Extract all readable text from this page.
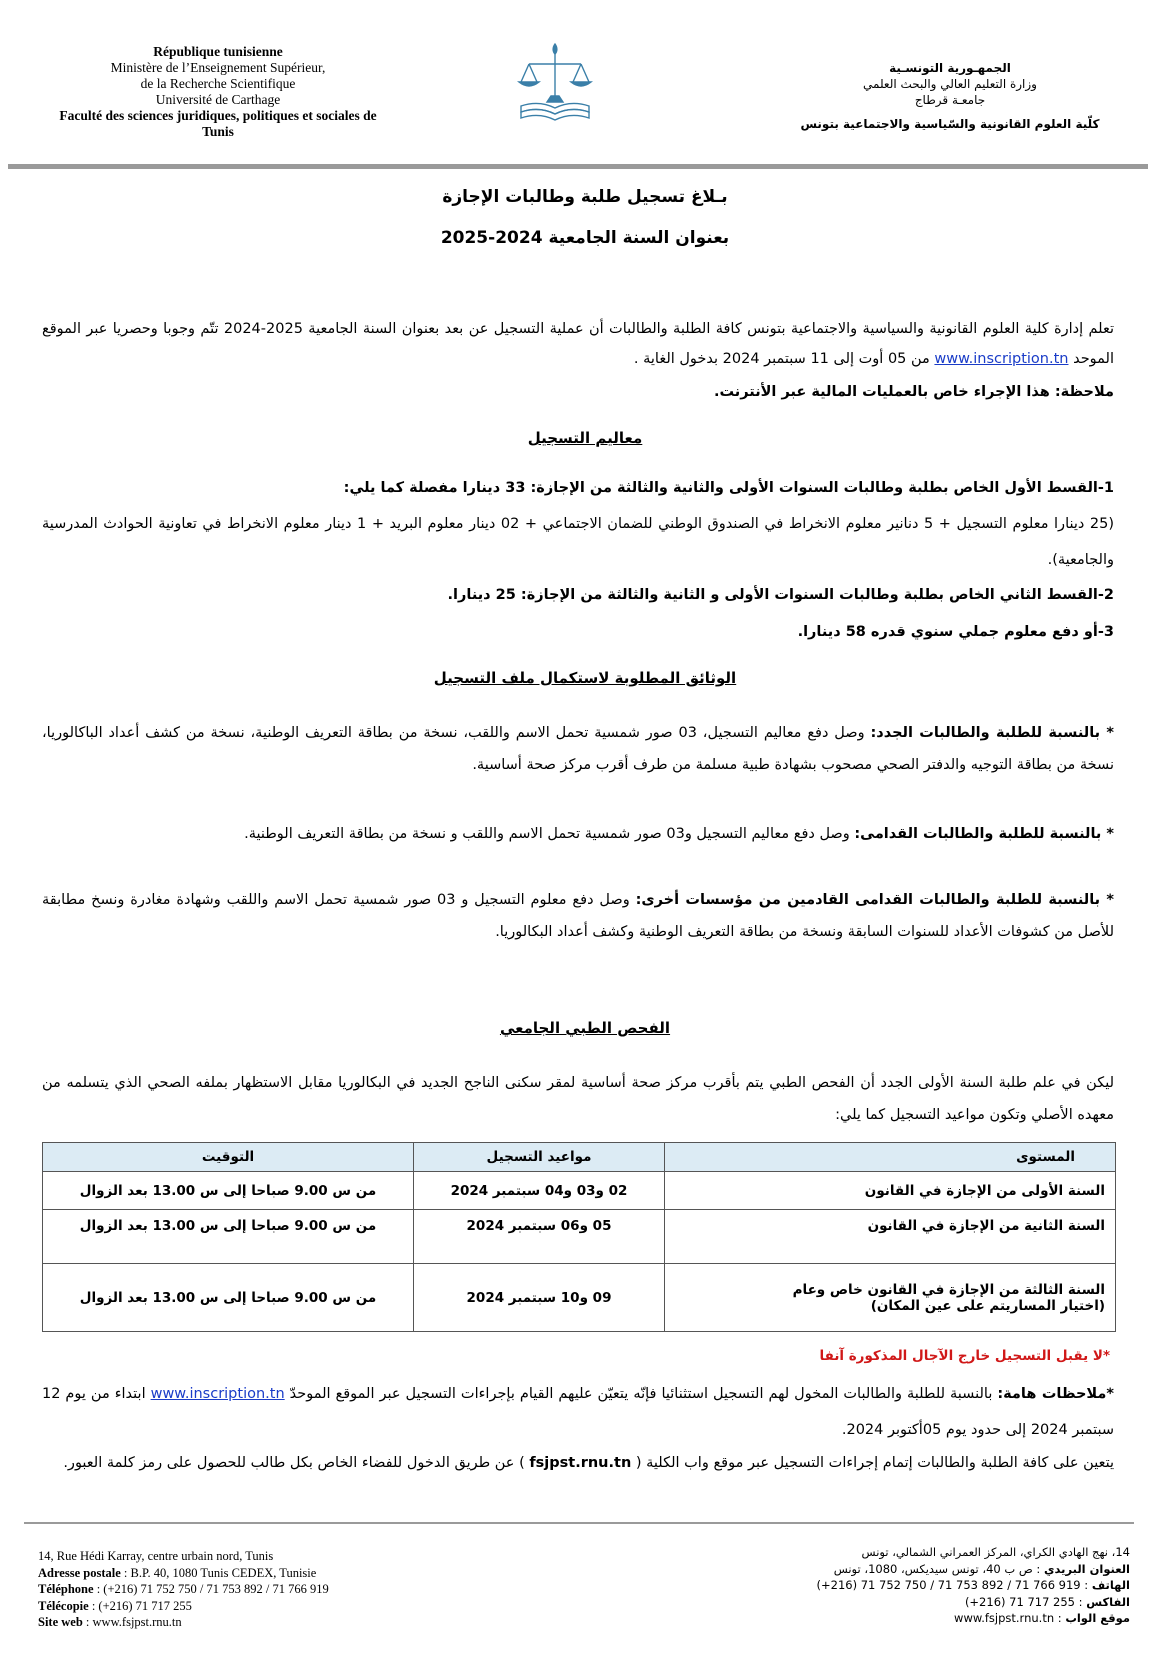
République tunisienne
Ministère de l’Enseignement Supérieur,
de la Recherche Scientifique
Université de Carthage
Faculté des sciences juridiques, politiques et sociales de
Tunis
الجمهـورية التونسـية
وزارة التعليم العالي والبحث العلمي
جامعـة قرطاج
كلّية العلوم القانونية والسّياسية والاجتماعية بتونس
بـلاغ تسجيل طلبة وطالبات الإجازة
بعنوان السنة الجامعية 2024-2025
تعلم إدارة كلية العلوم القانونية والسياسية والاجتماعية بتونس كافة الطلبة والطالبات أن عملية التسجيل عن بعد بعنوان السنة الجامعية 2025-2024 تتّم وجوبا وحصريا عبر الموقع الموحد www.inscription.tn من 05 أوت إلى 11 سبتمبر 2024 بدخول الغاية .
ملاحظة: هذا الإجراء خاص بالعمليات المالية عبر الأنترنت.
معاليم التسجيل
1-القسط الأول الخاص بطلبة وطالبات السنوات الأولى والثانية والثالثة من الإجازة: 33 دينارا مفصلة كما يلي:
(25 دينارا معلوم التسجيل + 5 دنانير معلوم الانخراط في الصندوق الوطني للضمان الاجتماعي + 02 دينار معلوم البريد + 1 دينار معلوم الانخراط في تعاونية الحوادث المدرسية والجامعية).
2-القسط الثاني الخاص بطلبة وطالبات السنوات الأولى و الثانية والثالثة من الإجازة: 25 دينارا.
3-أو دفع معلوم جملي سنوي قدره 58 دينارا.
الوثائق المطلوبة لاستكمال ملف التسجيل
* بالنسبة للطلبة والطالبات الجدد: وصل دفع معاليم التسجيل، 03 صور شمسية تحمل الاسم واللقب، نسخة من بطاقة التعريف الوطنية، نسخة من كشف أعداد الباكالوريا، نسخة من بطاقة التوجيه والدفتر الصحي مصحوب بشهادة طبية مسلمة من طرف أقرب مركز صحة أساسية.
* بالنسبة للطلبة والطالبات القدامى: وصل دفع معاليم التسجيل و03 صور شمسية تحمل الاسم واللقب و نسخة من بطاقة التعريف الوطنية.
* بالنسبة للطلبة والطالبات القدامى القادمين من مؤسسات أخرى: وصل دفع معلوم التسجيل و 03 صور شمسية تحمل الاسم واللقب وشهادة مغادرة ونسخ مطابقة للأصل من كشوفات الأعداد للسنوات السابقة ونسخة من بطاقة التعريف الوطنية وكشف أعداد البكالوريا.
الفحص الطبي الجامعي
ليكن في علم طلبة السنة الأولى الجدد أن الفحص الطبي يتم بأقرب مركز صحة أساسية لمقر سكنى الناجح الجديد في البكالوريا مقابل الاستظهار بملفه الصحي الذي يتسلمه من معهده الأصلي وتكون مواعيد التسجيل كما يلي:
المستوى	مواعيد التسجيل	التوقيت
السنة الأولى من الإجازة في القانون	02 و03 و04 سبتمبر 2024	من س 9.00 صباحا إلى س 13.00 بعد الزوال
السنة الثانية من الإجازة في القانون	05 و06 سبتمبر 2024	من س 9.00 صباحا إلى س 13.00 بعد الزوال

السنة الثالثة من الإجازة في القانون خاص وعام
(اختيار المساريتم على عين المكان)	09 و10 سبتمبر 2024	من س 9.00 صباحا إلى س 13.00 بعد الزوال
*لا يقبل التسجيل خارج الآجال المذكورة آنفا
*ملاحظات هامة: بالنسبة للطلبة والطالبات المخول لهم التسجيل استثنائيا فإنّه يتعيّن عليهم القيام بإجراءات التسجيل عبر الموقع الموحدّ www.inscription.tn ابتداء من يوم 12 سبتمبر 2024 إلى حدود يوم 05أكتوبر 2024.
يتعين على كافة الطلبة والطالبات إتمام إجراءات التسجيل عبر موقع واب الكلية ( fsjpst.rnu.tn ) عن طريق الدخول للفضاء الخاص بكل طالب للحصول على رمز كلمة العبور.
14, Rue Hédi Karray, centre urbain nord, Tunis
Adresse postale : B.P. 40, 1080 Tunis CEDEX, Tunisie
Téléphone : (+216) 71 752 750 / 71 753 892 / 71 766 919
Télécopie : (+216) 71 717 255
Site web : www.fsjpst.rnu.tn
14، نهج الهادي الكراي، المركز العمراني الشمالي، تونس
العنوان البريدي : ص ب 40، تونس سيديكس، 1080، تونس
الهاتف : (+216) 71 752 750 / 71 753 892 / 71 766 919
الفاكس : (+216) 71 717 255
موقع الواب : www.fsjpst.rnu.tn
